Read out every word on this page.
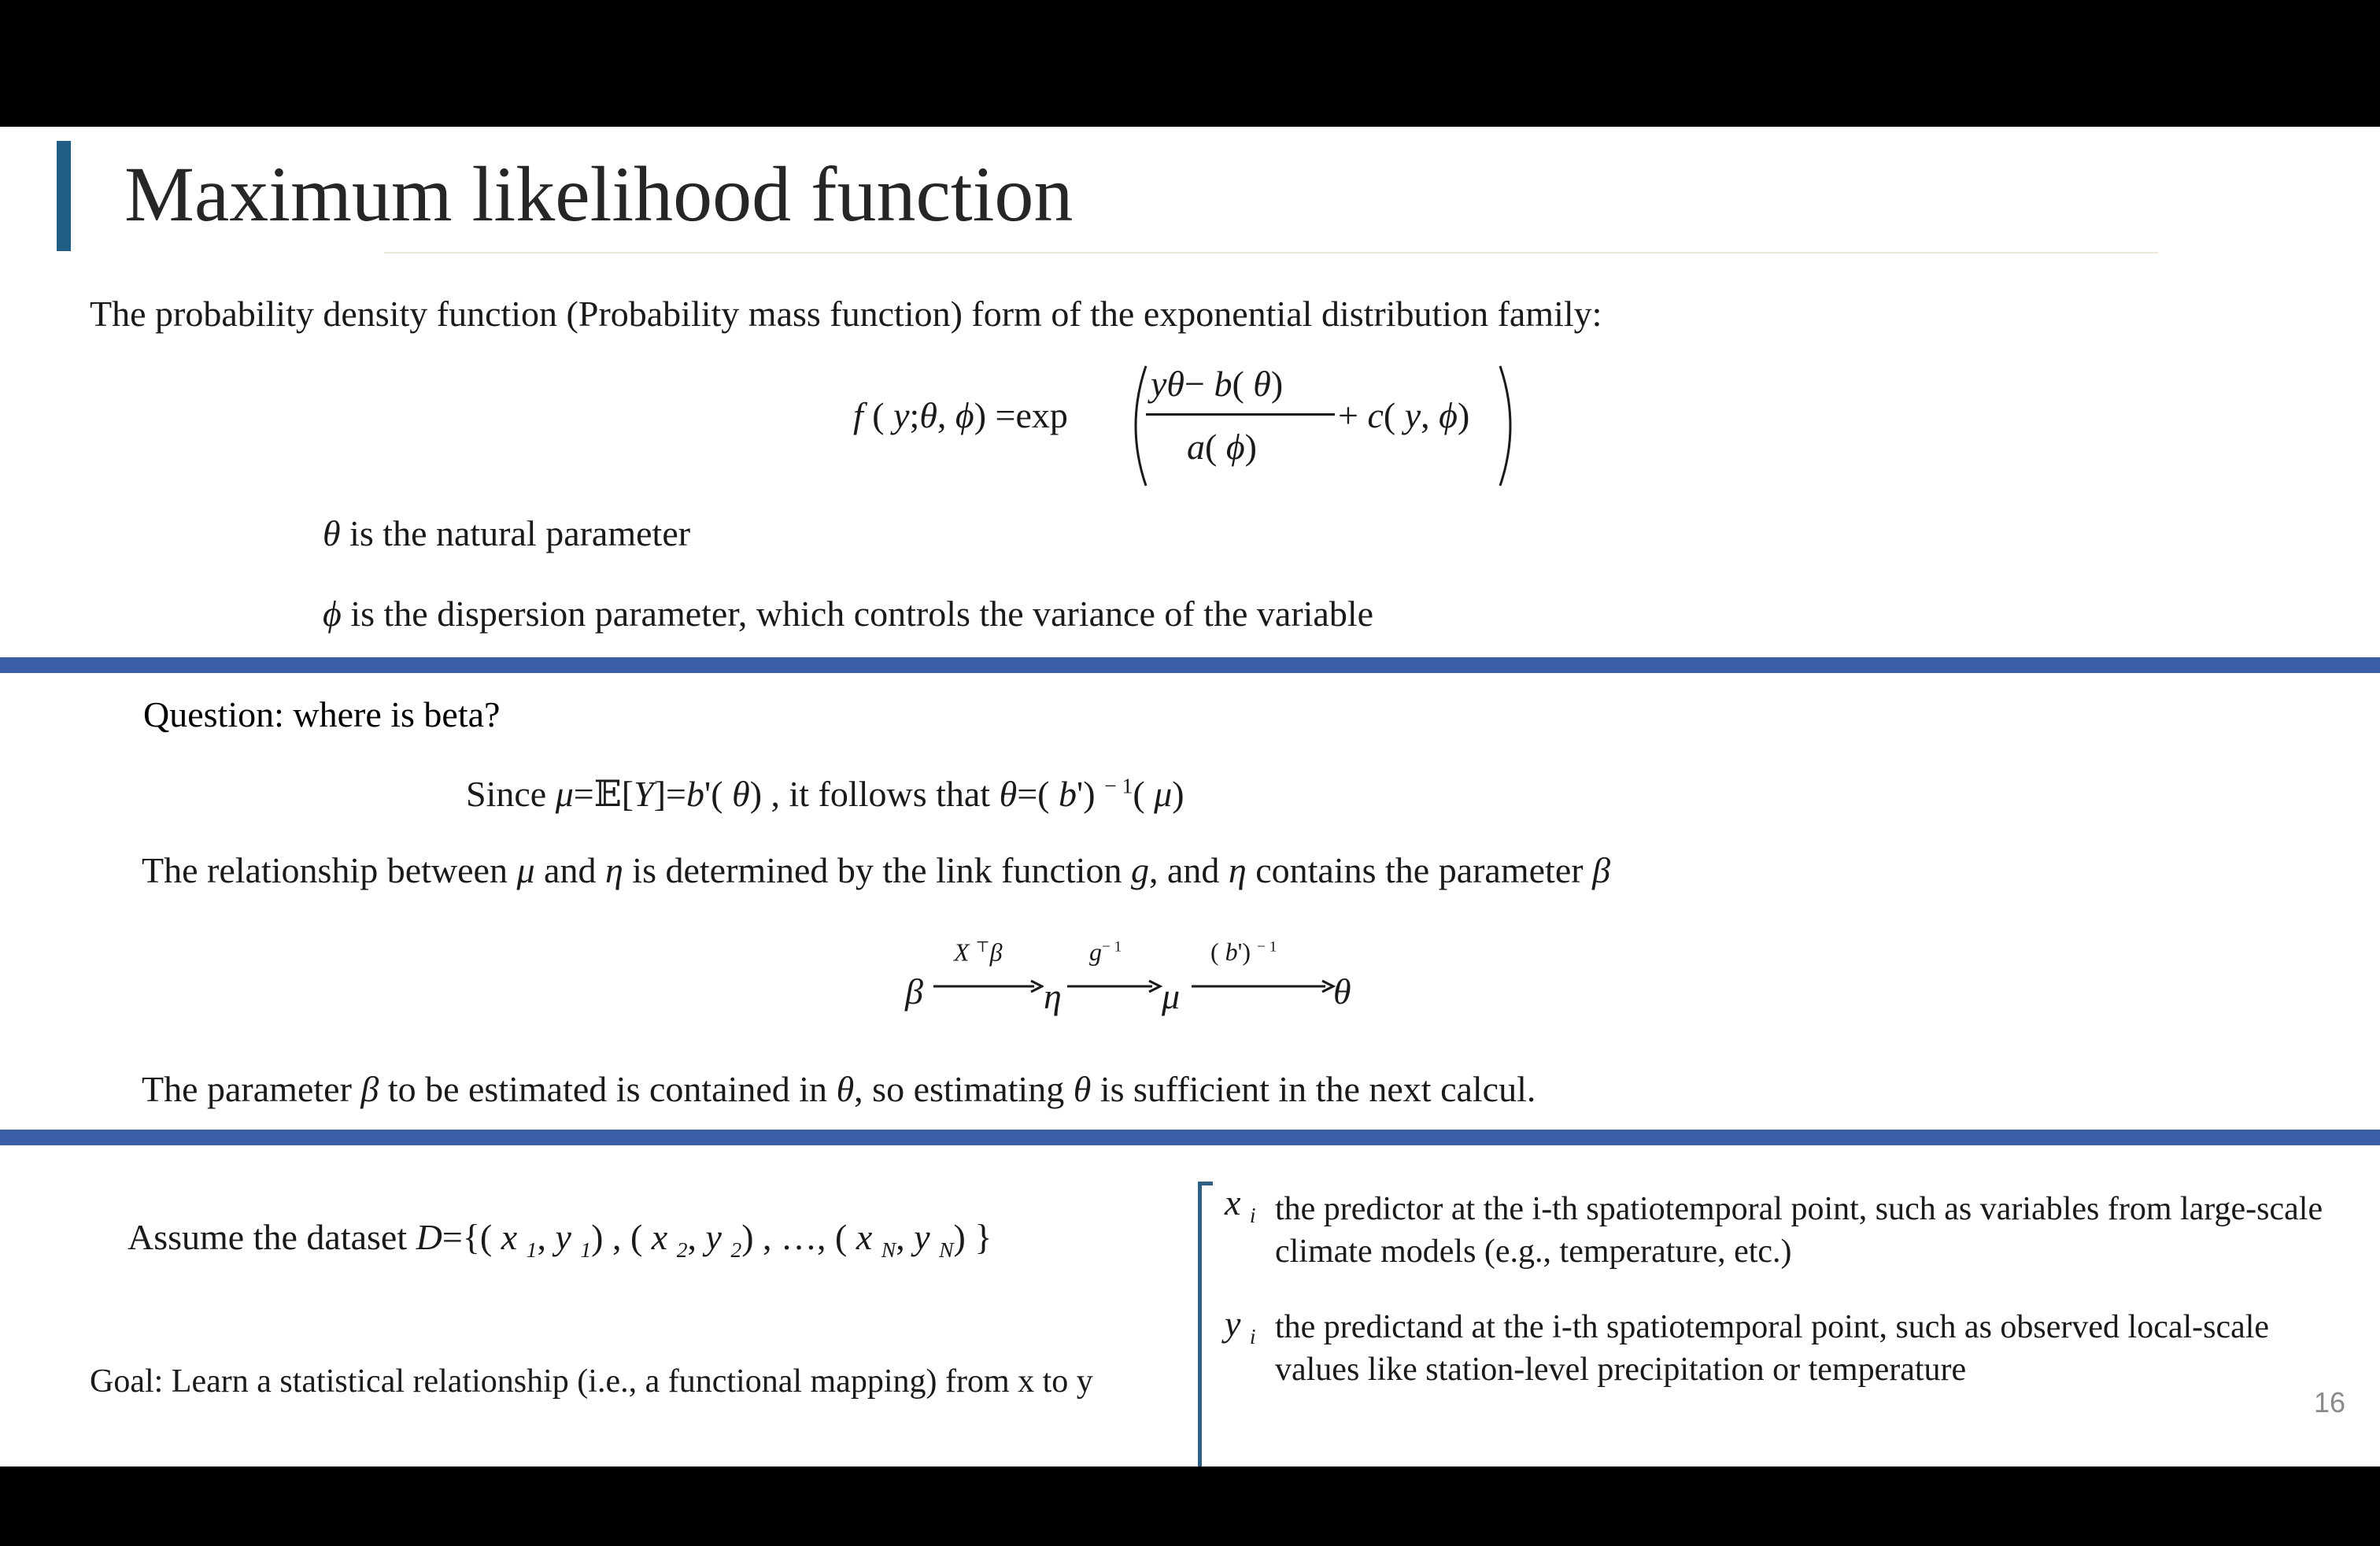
Maximum likelihood function
The probability density function (Probability mass function) form of the exponential distribution family:
f ( y;θ, ϕ) =exp
yθ− b( θ)
a( ϕ)
+ c( y, ϕ)
θ is the natural parameter
ϕ is the dispersion parameter, which controls the variance of the variable
Question: where is beta?
Since μ=𝔼[Y]=b'( θ) , it follows that θ=( b') $^{- 1}$( μ)
The relationship between μ and η is determined by the link function g, and η contains the parameter β
β
X ⊤β
η
$g^{- 1}$
μ
( b') $^{- 1}$
θ
The parameter β to be estimated is contained in θ, so estimating θ is sufficient in the next calcul.
Assume the dataset D={( x $_1$, y $_1$) , ( x $_2$, y $_2$) , …, ( x $_N$, y $_N$) }
Goal: Learn a statistical relationship (i.e., a functional mapping) from x to y
x $_i$ the predictor at the i-th spatiotemporal point, such as variables from large-scale
climate models (e.g., temperature, etc.)
y $_i$ the predictand at the i-th spatiotemporal point, such as observed local-scale
values like station-level precipitation or temperature
16
